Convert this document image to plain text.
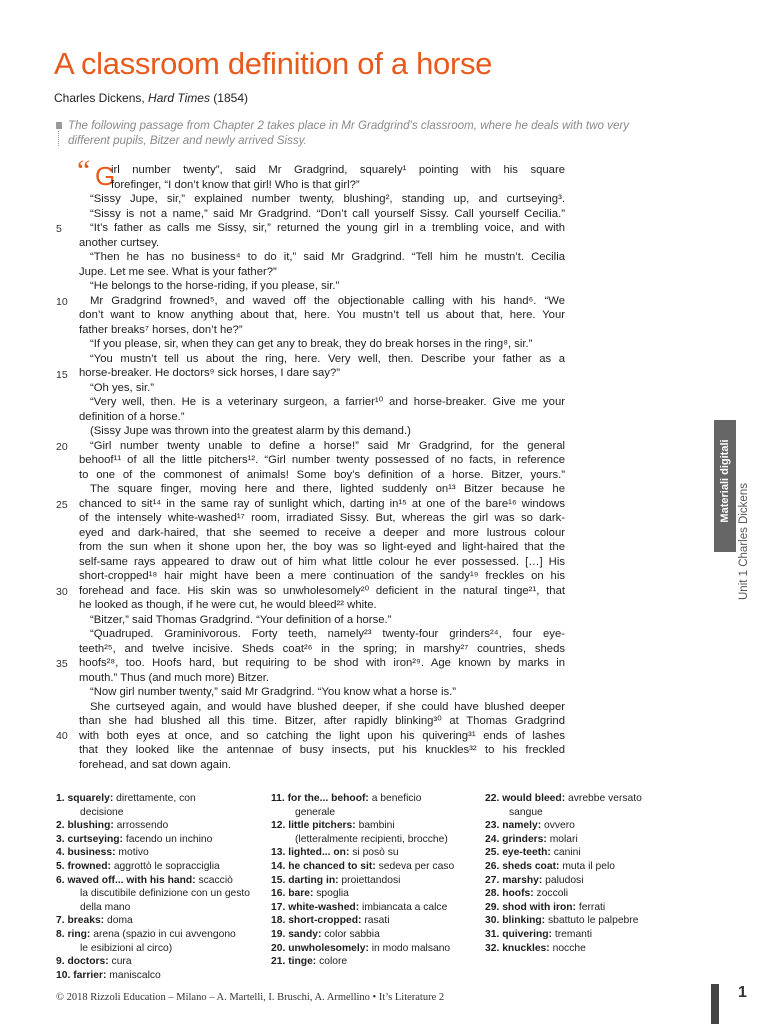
A classroom definition of a horse
Charles Dickens, Hard Times (1854)
The following passage from Chapter 2 takes place in Mr Gradgrind’s classroom, where he deals with two very different pupils, Bitzer and newly arrived Sissy.
“ G
irl number twenty”, said Mr Gradgrind, squarely¹ pointing with his square
forefinger, “I don’t know that girl! Who is that girl?”
“Sissy Jupe, sir,” explained number twenty, blushing², standing up, and curtseying³.
“Sissy is not a name,” said Mr Gradgrind. “Don’t call yourself Sissy. Call yourself Cecilia.”
“It’s father as calls me Sissy, sir,” returned the young girl in a trembling voice, and with
another curtsey.
“Then he has no business⁴ to do it,” said Mr Gradgrind. “Tell him he mustn’t. Cecilia
Jupe. Let me see. What is your father?”
“He belongs to the horse-riding, if you please, sir.”
Mr Gradgrind frowned⁵, and waved off the objectionable calling with his hand⁶. “We
don’t want to know anything about that, here. You mustn’t tell us about that, here. Your
father breaks⁷ horses, don’t he?”
“If you please, sir, when they can get any to break, they do break horses in the ring⁸, sir.”
“You mustn’t tell us about the ring, here. Very well, then. Describe your father as a
horse-breaker. He doctors⁹ sick horses, I dare say?”
“Oh yes, sir.”
“Very well, then. He is a veterinary surgeon, a farrier¹⁰ and horse-breaker. Give me your
definition of a horse.”
(Sissy Jupe was thrown into the greatest alarm by this demand.)
“Girl number twenty unable to define a horse!” said Mr Gradgrind, for the general
behoof¹¹ of all the little pitchers¹². “Girl number twenty possessed of no facts, in reference
to one of the commonest of animals! Some boy’s definition of a horse. Bitzer, yours.”
The square finger, moving here and there, lighted suddenly on¹³ Bitzer because he
chanced to sit¹⁴ in the same ray of sunlight which, darting in¹⁵ at one of the bare¹⁶ windows
of the intensely white-washed¹⁷ room, irradiated Sissy. But, whereas the girl was so dark-
eyed and dark-haired, that she seemed to receive a deeper and more lustrous colour
from the sun when it shone upon her, the boy was so light-eyed and light-haired that the
self-same rays appeared to draw out of him what little colour he ever possessed. […] His
short-cropped¹⁸ hair might have been a mere continuation of the sandy¹⁹ freckles on his
forehead and face. His skin was so unwholesomely²⁰ deficient in the natural tinge²¹, that
he looked as though, if he were cut, he would bleed²² white.
“Bitzer,” said Thomas Gradgrind. “Your definition of a horse.”
“Quadruped. Graminivorous. Forty teeth, namely²³ twenty-four grinders²⁴, four eye-
teeth²⁵, and twelve incisive. Sheds coat²⁶ in the spring; in marshy²⁷ countries, sheds
hoofs²⁸, too. Hoofs hard, but requiring to be shod with iron²⁹. Age known by marks in
mouth.” Thus (and much more) Bitzer.
“Now girl number twenty,” said Mr Gradgrind. “You know what a horse is.”
She curtseyed again, and would have blushed deeper, if she could have blushed deeper
than she had blushed all this time. Bitzer, after rapidly blinking³⁰ at Thomas Gradgrind
with both eyes at once, and so catching the light upon his quivering³¹ ends of lashes
that they looked like the antennae of busy insects, put his knuckles³² to his freckled
forehead, and sat down again.
5
10
15
20
25
30
35
40
1. squarely: direttamente, con
decisione
2. blushing: arrossendo
3. curtseying: facendo un inchino
4. business: motivo
5. frowned: aggrottò le sopracciglia
6. waved off... with his hand: scacciò
la discutibile definizione con un gesto della mano
7. breaks: doma
8. ring: arena (spazio in cui avvengono
le esibizioni al circo)
9. doctors: cura
10. farrier: maniscalco
11. for the... behoof: a beneficio
generale
12. little pitchers: bambini
(letteralmente recipienti, brocche)
13. lighted... on: si posò su
14. he chanced to sit: sedeva per caso
15. darting in: proiettandosi
16. bare: spoglia
17. white-washed: imbiancata a calce
18. short-cropped: rasati
19. sandy: color sabbia
20. unwholesomely: in modo malsano
21. tinge: colore
22. would bleed: avrebbe versato
sangue
23. namely: ovvero
24. grinders: molari
25. eye-teeth: canini
26. sheds coat: muta il pelo
27. marshy: paludosi
28. hoofs: zoccoli
29. shod with iron: ferrati
30. blinking: sbattuto le palpebre
31. quivering: tremanti
32. knuckles: nocche
Materiali digitali
Unit 1 Charles Dickens
© 2018 Rizzoli Education – Milano – A. Martelli, I. Bruschi, A. Armellino • It’s Literature 2	1
